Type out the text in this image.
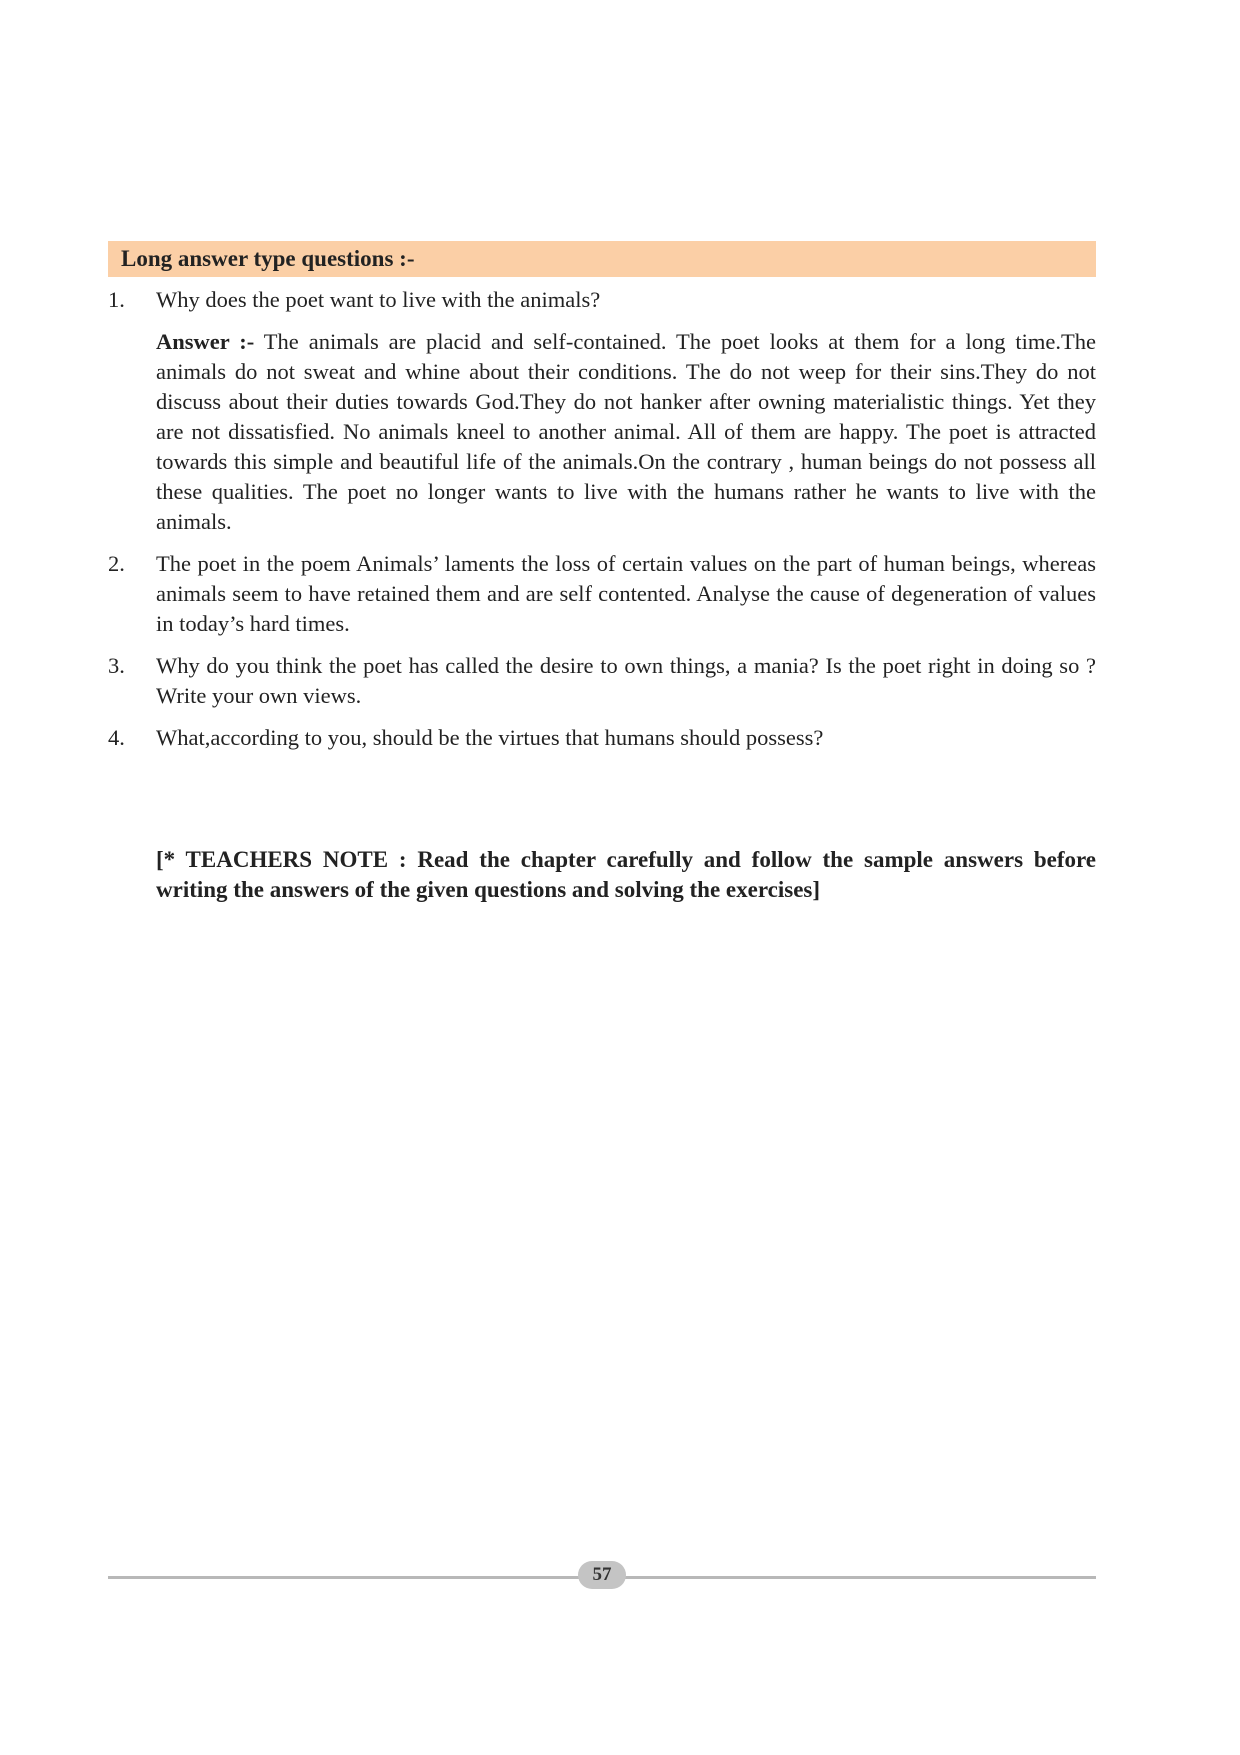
Long answer type questions :-
1. Why does the poet want to live with the animals?
Answer :- The animals are placid and self-contained. The poet looks at them for a long time.The animals do not sweat and whine about their conditions. The do not weep for their sins.They do not discuss about their duties towards God.They do not hanker after owning materialistic things. Yet they are not dissatisfied. No animals kneel to another animal. All of them are happy. The poet is attracted towards this simple and beautiful life of the animals.On the contrary , human beings do not possess all these qualities. The poet no longer wants to live with the humans rather he wants to live with the animals.
2. The poet in the poem Animals’ laments the loss of certain values on the part of human beings, whereas animals seem to have retained them and are self contented. Analyse the cause of degeneration of values in today’s hard times.
3. Why do you think the poet has called the desire to own things, a mania? Is the poet right in doing so ? Write your own views.
4. What,according to you, should be the virtues that humans should possess?
[* TEACHERS NOTE : Read the chapter carefully and follow the sample answers before writing the answers of the given questions and solving the exercises]
57
